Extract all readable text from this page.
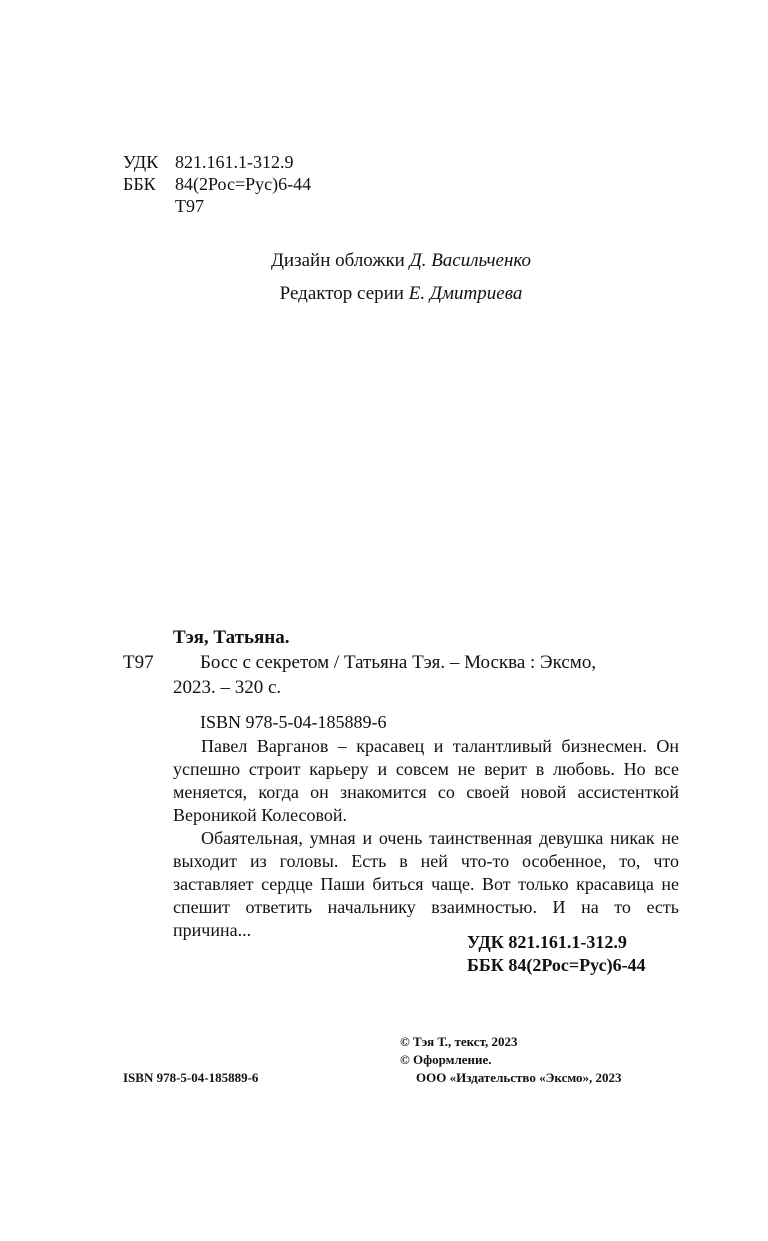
УДК 821.161.1-312.9
ББК 84(2Рос=Рус)6-44
Т97
Дизайн обложки Д. Васильченко
Редактор серии Е. Дмитриева
Тэя, Татьяна.
Т97 Босс с секретом / Татьяна Тэя. – Москва : Эксмо,
2023. – 320 с.
ISBN 978-5-04-185889-6

Павел Варганов – красавец и талантливый бизнесмен. Он успешно строит карьеру и совсем не верит в любовь. Но все меняется, когда он знакомится со своей новой ассистенткой Вероникой Колесовой.

Обаятельная, умная и очень таинственная девушка никак не выходит из головы. Есть в ней что-то особенное, то, что заставляет сердце Паши биться чаще. Вот только красавица не спешит ответить начальнику взаимностью. И на то есть причина...

УДК 821.161.1-312.9
ББК 84(2Рос=Рус)6-44
© Тэя Т., текст, 2023
© Оформление.
ISBN 978-5-04-185889-6	ООО «Издательство «Эксмо», 2023
